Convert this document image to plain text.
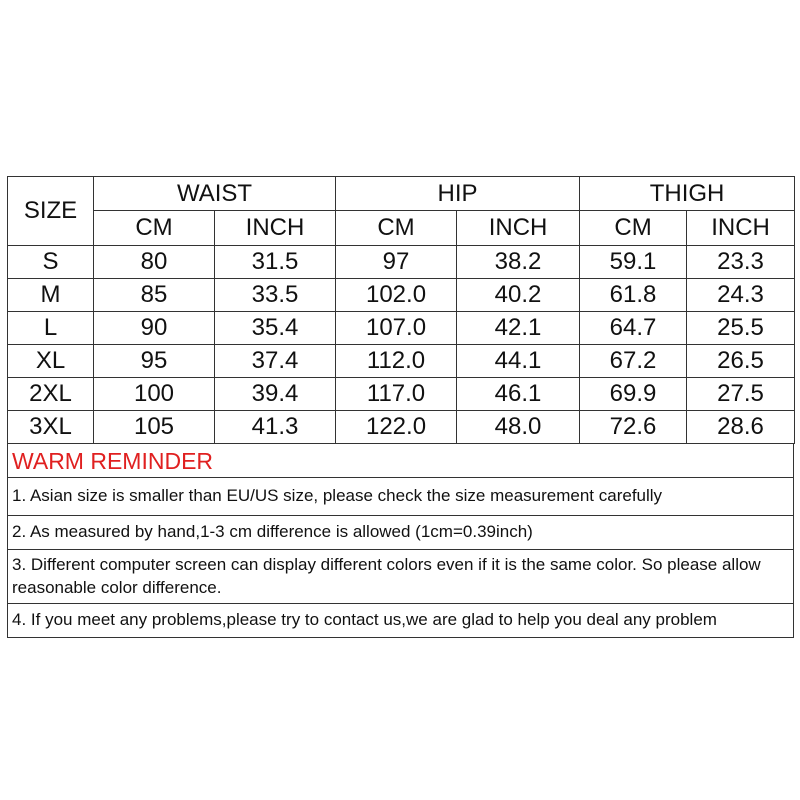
SIZE	WAIST		HIP		THIGH	
	CM	INCH	CM	INCH	CM	INCH
S	80	31.5	97	38.2	59.1	23.3
M	85	33.5	102.0	40.2	61.8	24.3
L	90	35.4	107.0	42.1	64.7	25.5
XL	95	37.4	112.0	44.1	67.2	26.5
2XL	100	39.4	117.0	46.1	69.9	27.5
3XL	105	41.3	122.0	48.0	72.6	28.6
WARM REMINDER
1. Asian size is smaller than EU/US size, please check the size measurement carefully
2. As measured by hand,1-3 cm difference is allowed (1cm=0.39inch)
3. Different computer screen can display different colors even if it is the same color. So please allow reasonable color difference.
4. If you meet any problems,please try to contact us,we are glad to help you deal any problem
